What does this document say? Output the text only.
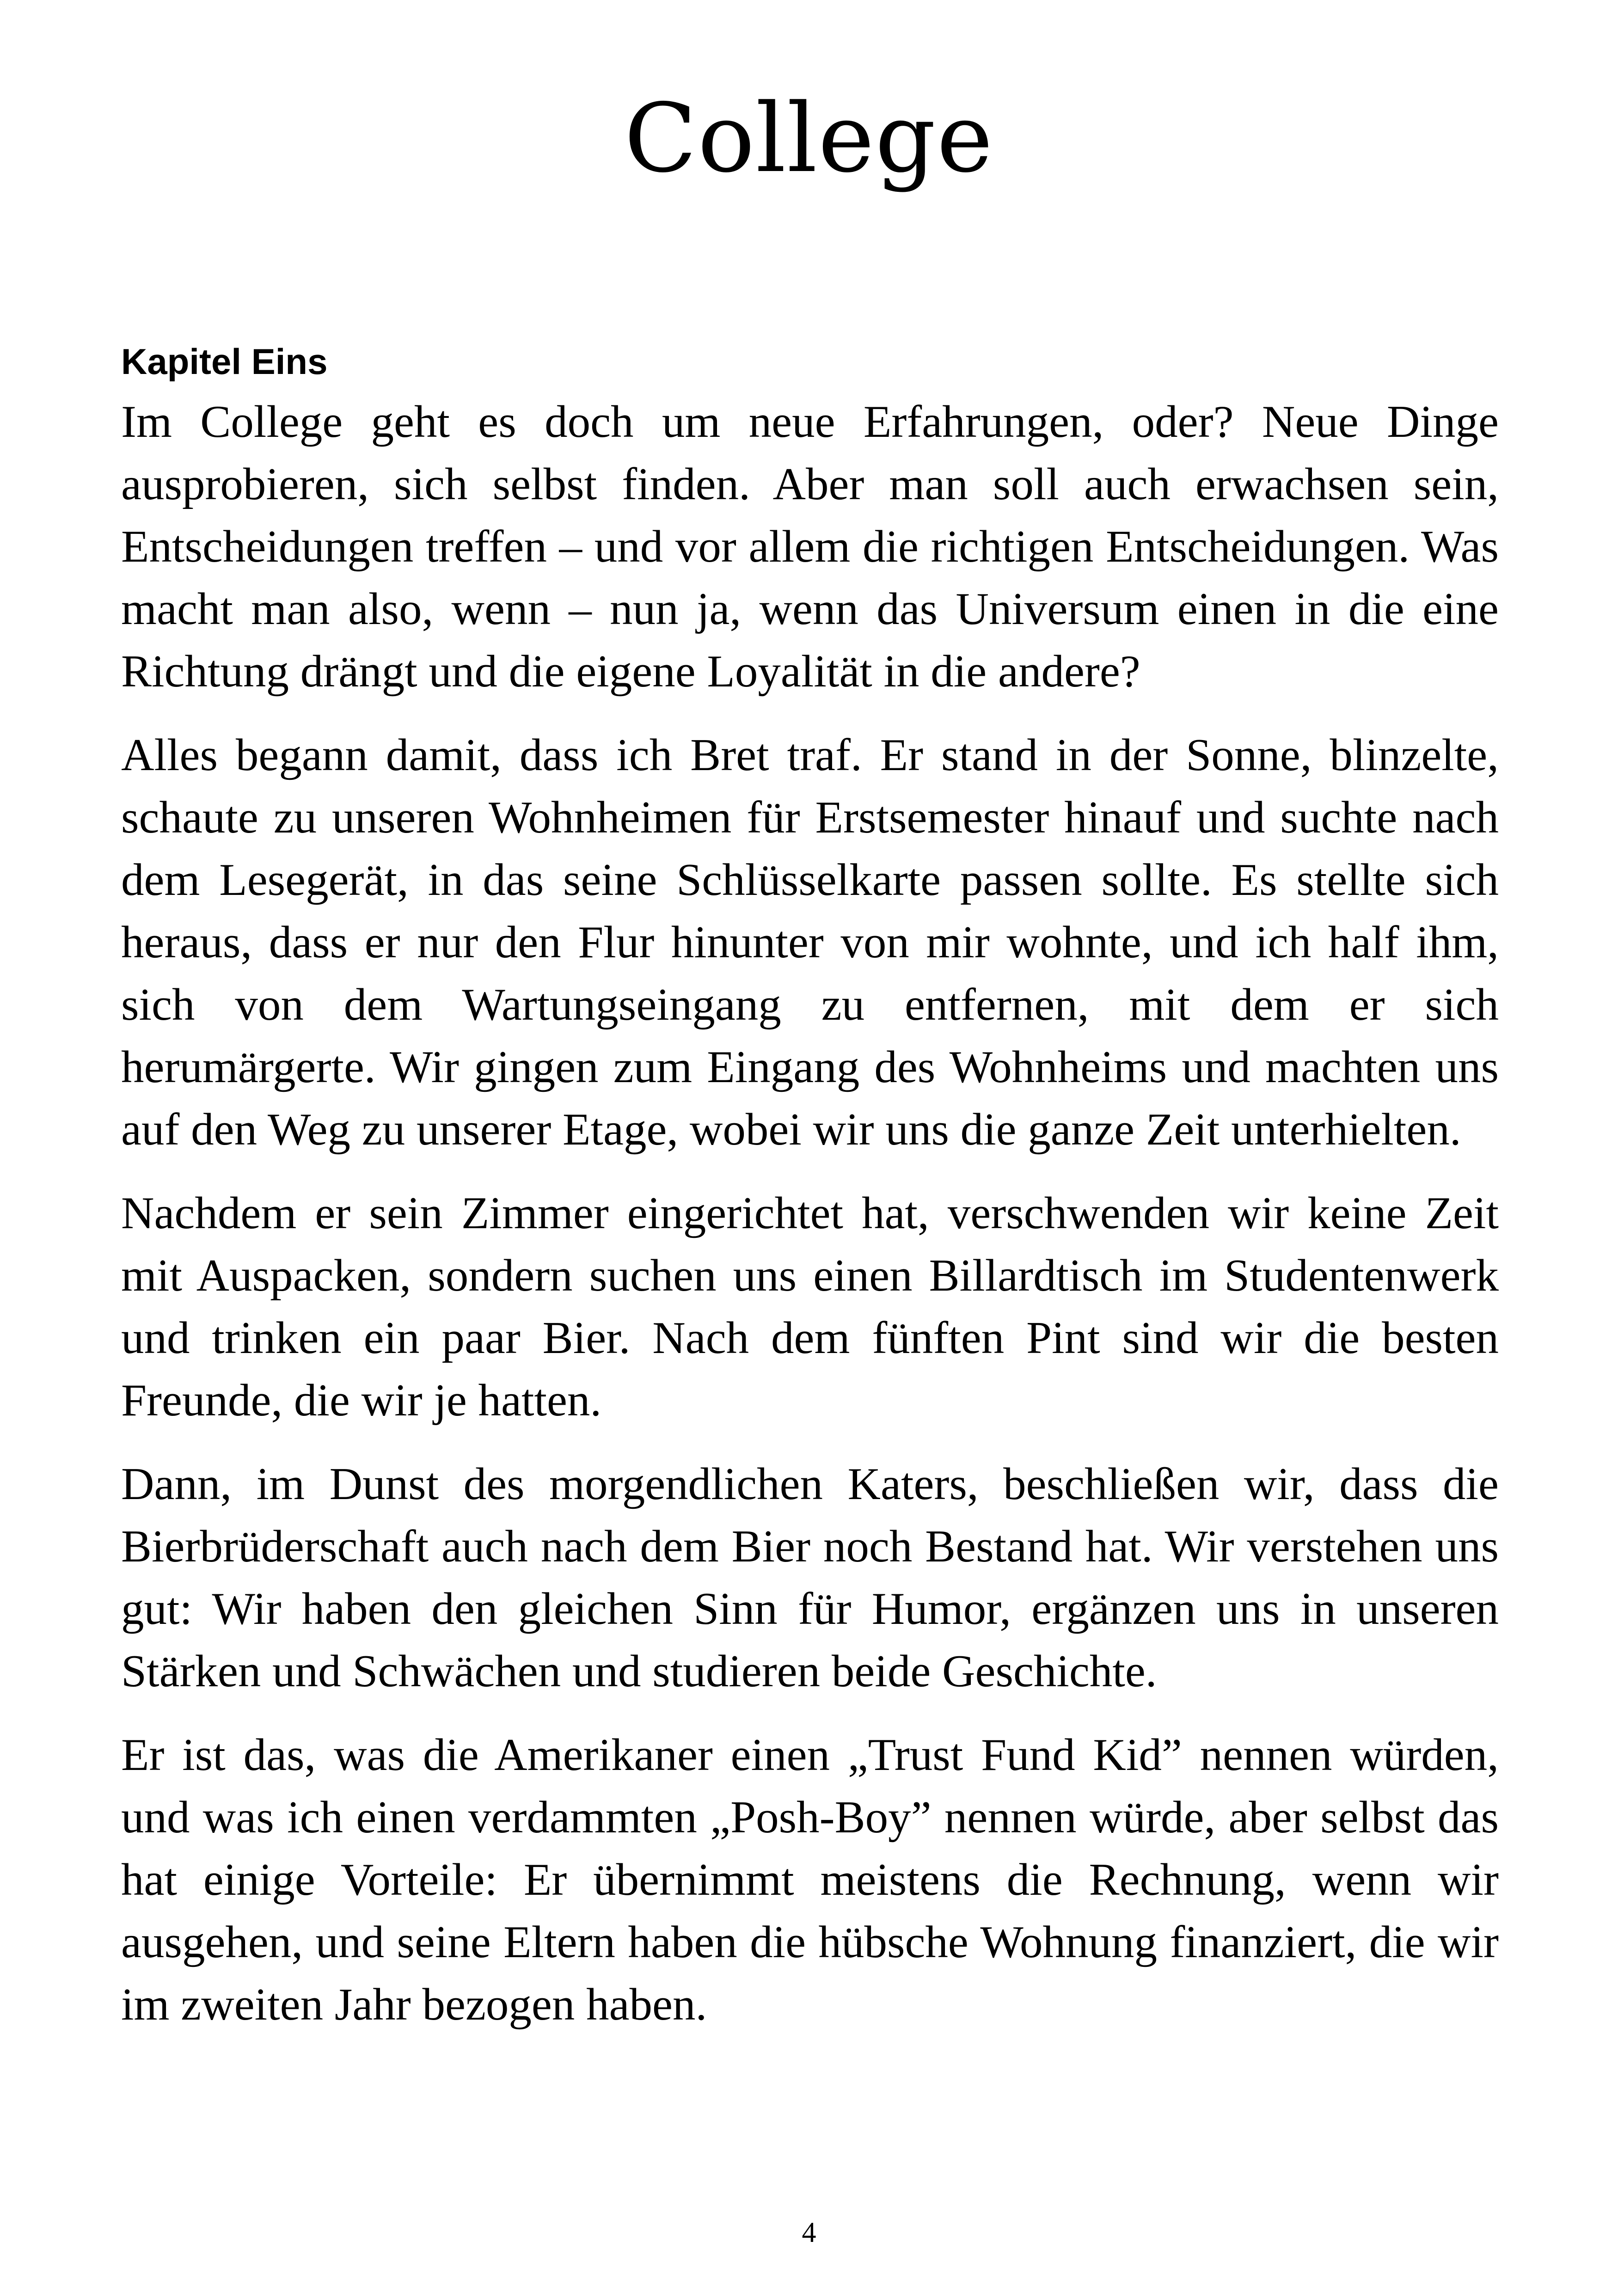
College

Kapitel Eins

Im College geht es doch um neue Erfahrungen, oder? Neue Dinge ausprobieren, sich selbst finden. Aber man soll auch erwachsen sein, Entscheidungen treffen – und vor allem die richtigen Entscheidungen. Was macht man also, wenn – nun ja, wenn das Universum einen in die eine Richtung drängt und die eigene Loyalität in die andere?

Alles begann damit, dass ich Bret traf. Er stand in der Sonne, blinzelte, schaute zu unseren Wohnheimen für Erstsemester hinauf und suchte nach dem Lesegerät, in das seine Schlüsselkarte passen sollte. Es stellte sich heraus, dass er nur den Flur hinunter von mir wohnte, und ich half ihm, sich von dem Wartungseingang zu entfernen, mit dem er sich herumärgerte. Wir gingen zum Eingang des Wohnheims und machten uns auf den Weg zu unserer Etage, wobei wir uns die ganze Zeit unterhielten.

Nachdem er sein Zimmer eingerichtet hat, verschwenden wir keine Zeit mit Auspacken, sondern suchen uns einen Billardtisch im Studentenwerk und trinken ein paar Bier. Nach dem fünften Pint sind wir die besten Freunde, die wir je hatten.

Dann, im Dunst des morgendlichen Katers, beschließen wir, dass die Bierbrüderschaft auch nach dem Bier noch Bestand hat. Wir verstehen uns gut: Wir haben den gleichen Sinn für Humor, ergänzen uns in unseren Stärken und Schwächen und studieren beide Geschichte.

Er ist das, was die Amerikaner einen „Trust Fund Kid” nennen würden, und was ich einen verdammten „Posh-Boy” nennen würde, aber selbst das hat einige Vorteile: Er übernimmt meistens die Rechnung, wenn wir ausgehen, und seine Eltern haben die hübsche Wohnung finanziert, die wir im zweiten Jahr bezogen haben.

4
